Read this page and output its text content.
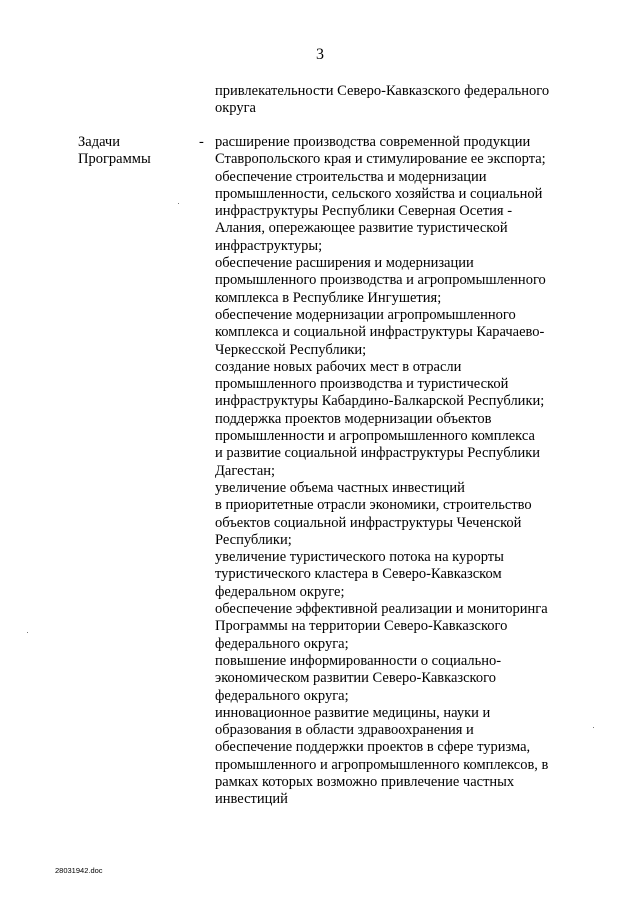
3
привлекательности Северо-Кавказского федерального
округа
Задачи
Программы
- расширение производства современной продукции
Ставропольского края и стимулирование ее экспорта;
обеспечение строительства и модернизации
промышленности, сельского хозяйства и социальной
инфраструктуры Республики Северная Осетия -
Алания, опережающее развитие туристической
инфраструктуры;
обеспечение расширения и модернизации
промышленного производства и агропромышленного
комплекса в Республике Ингушетия;
обеспечение модернизации агропромышленного
комплекса и социальной инфраструктуры Карачаево-
Черкесской Республики;
создание новых рабочих мест в отрасли
промышленного производства и туристической
инфраструктуры Кабардино-Балкарской Республики;
поддержка проектов модернизации объектов
промышленности и агропромышленного комплекса
и развитие социальной инфраструктуры Республики
Дагестан;
увеличение объема частных инвестиций
в приоритетные отрасли экономики, строительство
объектов социальной инфраструктуры Чеченской
Республики;
увеличение туристического потока на курорты
туристического кластера в Северо-Кавказском
федеральном округе;
обеспечение эффективной реализации и мониторинга
Программы на территории Северо-Кавказского
федерального округа;
повышение информированности о социально-
экономическом развитии Северо-Кавказского
федерального округа;
инновационное развитие медицины, науки и
образования в области здравоохранения и
обеспечение поддержки проектов в сфере туризма,
промышленного и агропромышленного комплексов, в
рамках которых возможно привлечение частных
инвестиций
28031942.doc
